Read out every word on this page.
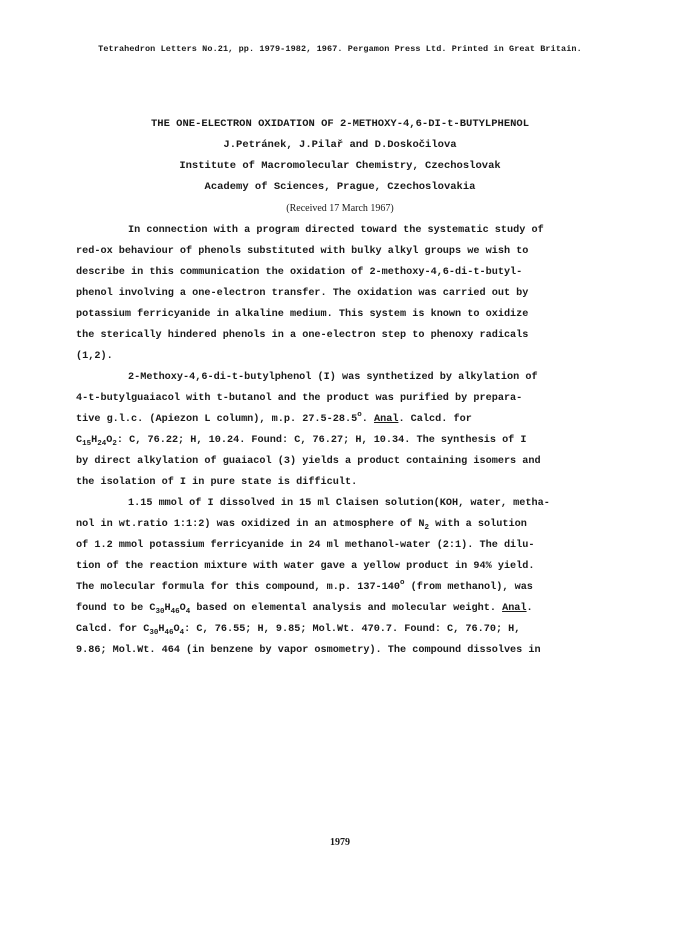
Tetrahedron Letters No.21, pp. 1979-1982, 1967. Pergamon Press Ltd. Printed in Great Britain.
THE ONE-ELECTRON OXIDATION OF 2-METHOXY-4,6-DI-t-BUTYLPHENOL
J.Petránek, J.Pilař and D.Doskočilova
Institute of Macromolecular Chemistry, Czechoslovak
Academy of Sciences, Prague, Czechoslovakia
(Received 17 March 1967)
In connection with a program directed toward the systematic study of
red-ox behaviour of phenols substituted with bulky alkyl groups we wish to
describe in this communication the oxidation of 2-methoxy-4,6-di-t-butyl-
phenol involving a one-electron transfer. The oxidation was carried out by
potassium ferricyanide in alkaline medium. This system is known to oxidize
the sterically hindered phenols in a one-electron step to phenoxy radicals
(1,2).
2-Methoxy-4,6-di-t-butylphenol (I) was synthetized by alkylation of
4-t-butylguaiacol with t-butanol and the product was purified by prepara-
tive g.l.c. (Apiezon L column), m.p. 27.5-28.5$^o$. Anal. Calcd. for
$C_{15}H_{24}O_2$: C, 76.22; H, 10.24. Found: C, 76.27; H, 10.34. The synthesis of I
by direct alkylation of guaiacol (3) yields a product containing isomers and
the isolation of I in pure state is difficult.
1.15 mmol of I dissolved in 15 ml Claisen solution(KOH, water, metha-
nol in wt.ratio 1:1:2) was oxidized in an atmosphere of $N_2$ with a solution
of 1.2 mmol potassium ferricyanide in 24 ml methanol-water (2:1). The dilu-
tion of the reaction mixture with water gave a yellow product in 94% yield.
The molecular formula for this compound, m.p. 137-140$^o$ (from methanol), was
found to be $C_{30}H_{46}O_4$ based on elemental analysis and molecular weight. Anal.
Calcd. for $C_{30}H_{46}O_4$: C, 76.55; H, 9.85; Mol.Wt. 470.7. Found: C, 76.70; H,
9.86; Mol.Wt. 464 (in benzene by vapor osmometry). The compound dissolves in
1979
